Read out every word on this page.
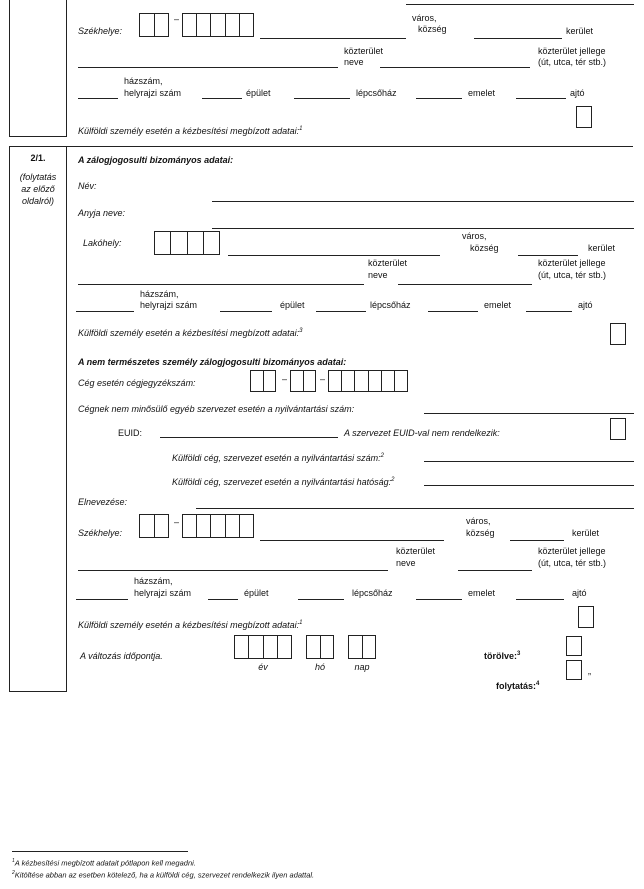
Székhelye:
–	város,
község	kerület
közterület
neve
közterület jellege
(út, utca, tér stb.)
házszám,
helyrajzi szám	épület	lépcsőház	emelet	ajtó
Külföldi személy esetén a kézbesítési megbízott adatai:$^1$
2/1.
(folytatás
az előző
oldalról)
A zálogjogosulti bizományos adatai:
Név:
Anyja neve:
Lakóhely:
város,
község	kerület
közterület
neve
közterület jellege
(út, utca, tér stb.)
házszám,
helyrajzi szám	épület	lépcsőház	emelet	ajtó
Külföldi személy esetén a kézbesítési megbízott adatai:$^3$
A nem természetes személy zálogjogosulti bizományos adatai:
Cég esetén cégjegyzékszám:	–	–
Cégnek nem minősülő egyéb szervezet esetén a nyilvántartási szám:
EUID:	A szervezet EUID-val nem rendelkezik:
Külföldi cég, szervezet esetén a nyilvántartási szám:$^2$
Külföldi cég, szervezet esetén a nyilvántartási hatóság:$^2$
Elnevezése:
Székhelye:
–	város,
község	kerület
közterület
neve
közterület jellege
(út, utca, tér stb.)
házszám,
helyrajzi szám	épület	lépcsőház	emelet	ajtó
Külföldi személy esetén a kézbesítési megbízott adatai:$^1$
A változás időpontja.
év	hó	nap
törölve:$^3$
folytatás:$^4$
„
$^1$A kézbesítési megbízott adatait pótlapon kell megadni.
$^2$Kitöltése abban az esetben kötelező, ha a külföldi cég, szervezet rendelkezik ilyen adattal.
